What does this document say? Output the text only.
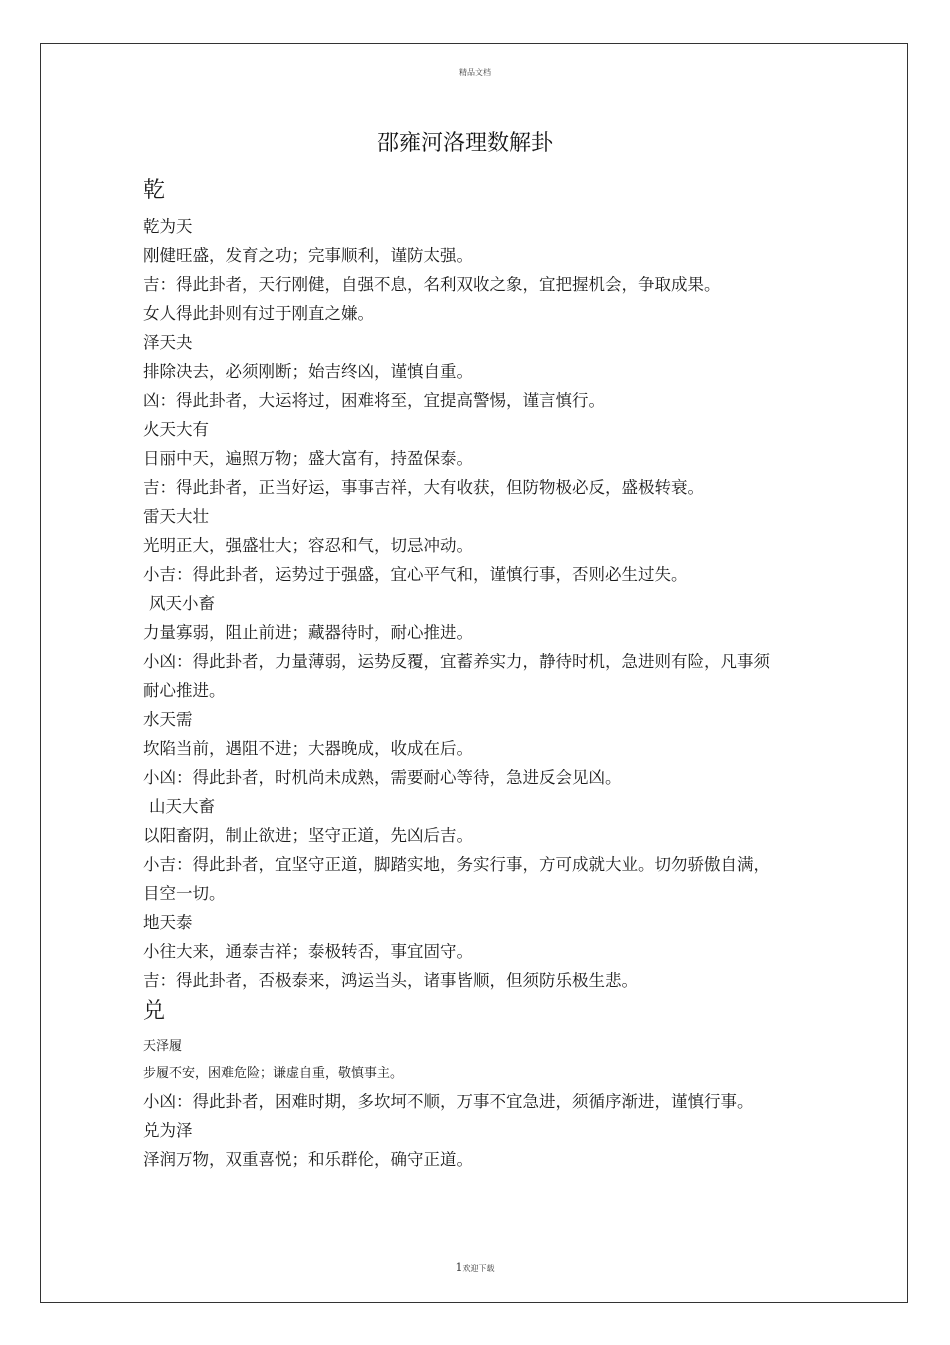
精品文档
邵雍河洛理数解卦
乾

乾为天

刚健旺盛，发育之功；完事顺利，谨防太强。

吉：得此卦者，天行刚健，自强不息，名利双收之象，宜把握机会，争取成果。

女人得此卦则有过于刚直之嫌。

泽天夬

排除决去，必须刚断；始吉终凶，谨慎自重。

凶：得此卦者，大运将过，困难将至，宜提高警惕，谨言慎行。

火天大有

日丽中天，遍照万物；盛大富有，持盈保泰。

吉：得此卦者，正当好运，事事吉祥，大有收获，但防物极必反，盛极转衰。

雷天大壮

光明正大，强盛壮大；容忍和气，切忌冲动。

小吉：得此卦者，运势过于强盛，宜心平气和，谨慎行事，否则必生过失。

风天小畜

力量寡弱，阻止前进；藏器待时，耐心推进。

小凶：得此卦者，力量薄弱，运势反覆，宜蓄养实力，静待时机，急进则有险，凡事须耐心推进。

水天需

坎陷当前，遇阻不进；大器晚成，收成在后。

小凶：得此卦者，时机尚未成熟，需要耐心等待，急进反会见凶。

山天大畜

以阳畜阴，制止欲进；坚守正道，先凶后吉。

小吉：得此卦者，宜坚守正道，脚踏实地，务实行事，方可成就大业。切勿骄傲自满，目空一切。

地天泰

小往大来，通泰吉祥；泰极转否，事宜固守。

吉：得此卦者，否极泰来，鸿运当头，诸事皆顺，但须防乐极生悲。

兑

天泽履

步履不安，困难危险；谦虚自重，敬慎事主。

小凶：得此卦者，困难时期，多坎坷不顺，万事不宜急进，须循序渐进，谨慎行事。

兑为泽

泽润万物，双重喜悦；和乐群伦，确守正道。

1欢迎下载
